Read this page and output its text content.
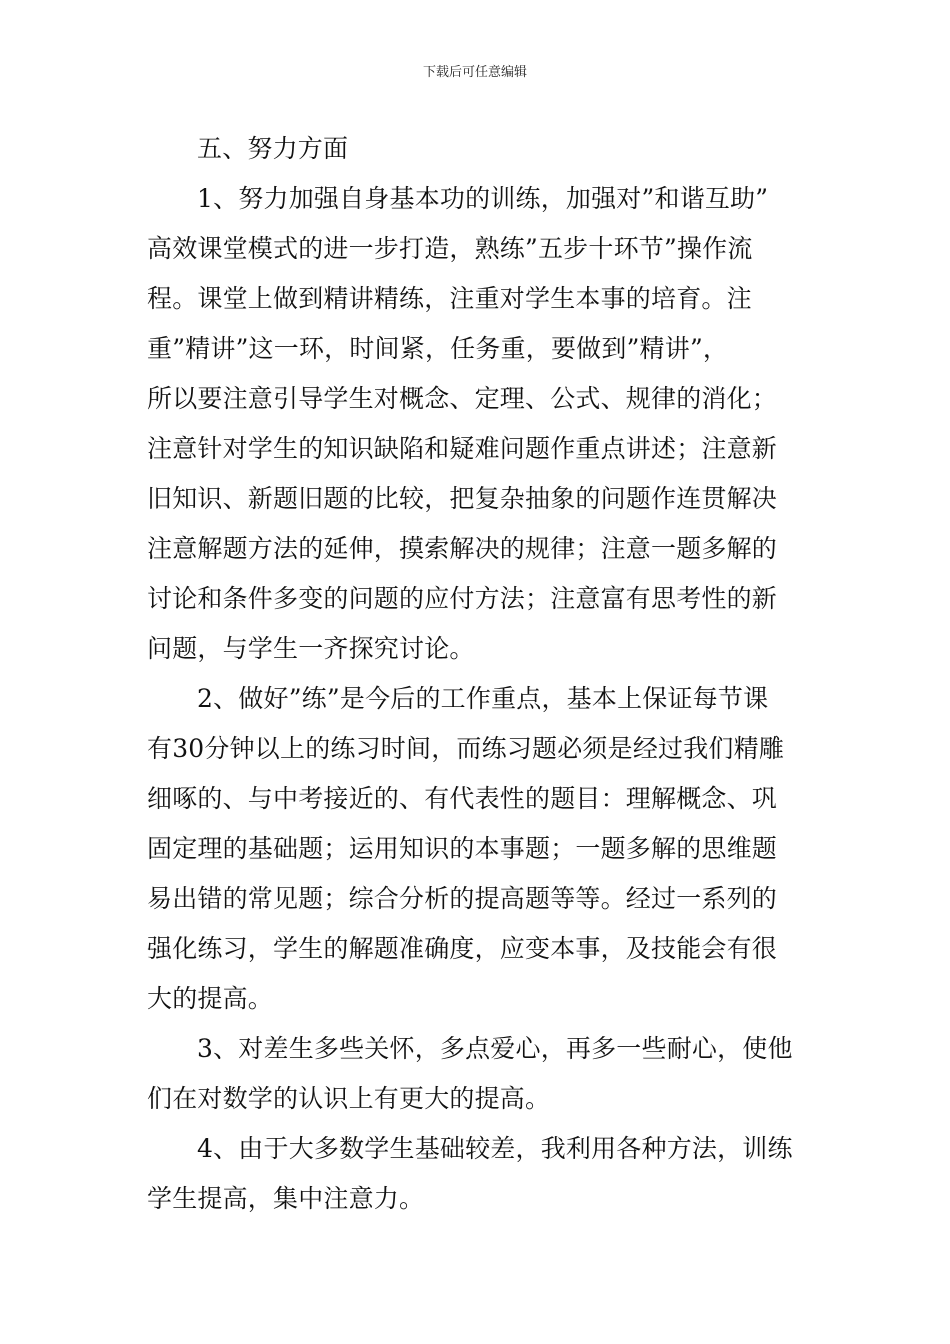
下载后可任意编辑
五、努力方面
1、努力加强自身基本功的训练，加强对”和谐互助”
高效课堂模式的进一步打造，熟练”五步十环节”操作流
程。课堂上做到精讲精练，注重对学生本事的培育。注
重”精讲”这一环，时间紧，任务重，要做到”精讲”，
所以要注意引导学生对概念、定理、公式、规律的消化；
注意针对学生的知识缺陷和疑难问题作重点讲述；注意新
旧知识、新题旧题的比较，把复杂抽象的问题作连贯解决
注意解题方法的延伸，摸索解决的规律；注意一题多解的
讨论和条件多变的问题的应付方法；注意富有思考性的新
问题，与学生一齐探究讨论。
2、做好”练”是今后的工作重点，基本上保证每节课
有30分钟以上的练习时间，而练习题必须是经过我们精雕
细啄的、与中考接近的、有代表性的题目：理解概念、巩
固定理的基础题；运用知识的本事题；一题多解的思维题
易出错的常见题；综合分析的提高题等等。经过一系列的
强化练习，学生的解题准确度，应变本事，及技能会有很
大的提高。
3、对差生多些关怀，多点爱心，再多一些耐心，使他
们在对数学的认识上有更大的提高。
4、由于大多数学生基础较差，我利用各种方法，训练
学生提高，集中注意力。
